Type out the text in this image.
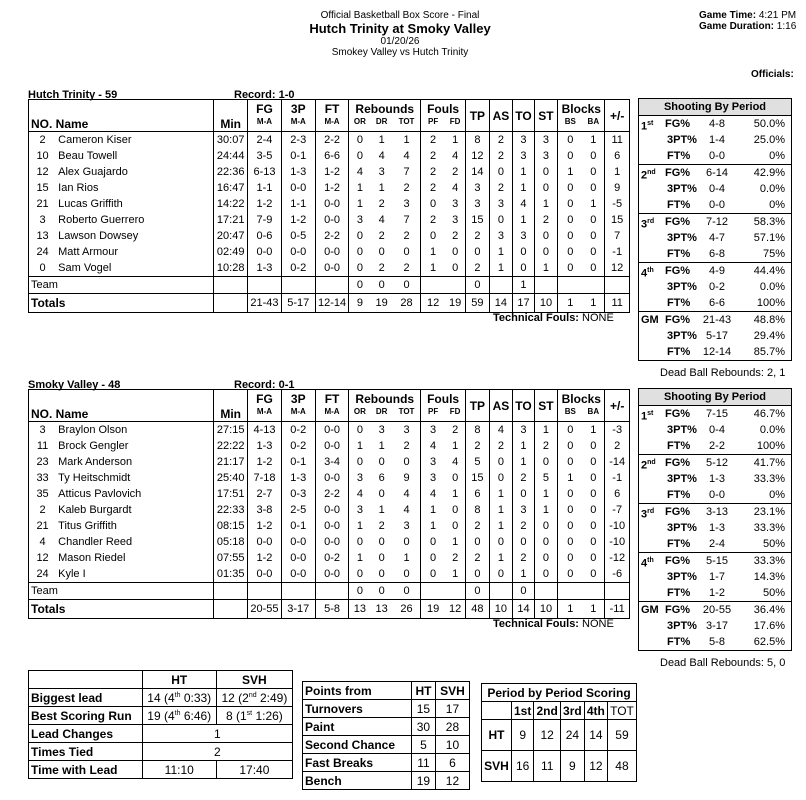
Official Basketball Box Score - Final
Hutch Trinity at Smoky Valley
01/20/26
Smokey Valley vs Hutch Trinity
Game Time: 4:21 PM
Game Duration: 1:16
Officials:
Hutch Trinity - 59	Record: 1-0
			FG	3P	FT	Rebounds			Fouls		TP	AS	TO	ST	Blocks		+/-
NO. Name		Min	M-A	M-A	M-A	OR	DR	TOT	PF	FD					BS	BA	
2	Cameron Kiser	30:07	2-4	2-3	2-2	0	1	1	2	1	8	2	3	3	0	1	11
10	Beau Towell	24:44	3-5	0-1	6-6	0	4	4	2	4	12	2	3	3	0	0	6
12	Alex Guajardo	22:36	6-13	1-3	1-2	4	3	7	2	2	14	0	1	0	1	0	1
15	Ian Rios	16:47	1-1	0-0	1-2	1	1	2	2	4	3	2	1	0	0	0	9
21	Lucas Griffith	14:22	1-2	1-1	0-0	1	2	3	0	3	3	3	4	1	0	1	-5
3	Roberto Guerrero	17:21	7-9	1-2	0-0	3	4	7	2	3	15	0	1	2	0	0	15
13	Lawson Dowsey	20:47	0-6	0-5	2-2	0	2	2	0	2	2	3	3	0	0	0	7
24	Matt Armour	02:49	0-0	0-0	0-0	0	0	0	1	0	0	1	0	0	0	0	-1
0	Sam Vogel	10:28	1-3	0-2	0-0	0	2	2	1	0	2	1	0	1	0	0	12
Team						0	0	0			0		1				
Totals			21-43	5-17	12-14	9	19	28	12	19	59	14	17	10	1	1	11
Technical Fouls: NONE
Shooting By Period
1st FG%	4-8	50.0%
3PT%	1-4	25.0%
FT%	0-0	0%
2nd FG%	6-14	42.9%
3PT%	0-4	0.0%
FT%	0-0	0%
3rd FG%	7-12	58.3%
3PT%	4-7	57.1%
FT%	6-8	75%
4th FG%	4-9	44.4%
3PT%	0-2	0.0%
FT%	6-6	100%
GM FG%	21-43	48.8%
3PT% 5-17	29.4%
FT%	12-14	85.7%
Dead Ball Rebounds: 2, 1
Smoky Valley - 48	Record: 0-1
			FG	3P	FT	Rebounds			Fouls		TP	AS	TO	ST	Blocks		+/-
NO. Name		Min	M-A	M-A	M-A	OR	DR	TOT	PF	FD					BS	BA	
3	Braylon Olson	27:15	4-13	0-2	0-0	0	3	3	3	2	8	4	3	1	0	1	-3
11	Brock Gengler	22:22	1-3	0-2	0-0	1	1	2	4	1	2	2	1	2	0	0	2
23	Mark Anderson	21:17	1-2	0-1	3-4	0	0	0	3	4	5	0	1	0	0	0	-14
33	Ty Heitschmidt	25:40	7-18	1-3	0-0	3	6	9	3	0	15	0	2	5	1	0	-1
35	Atticus Pavlovich	17:51	2-7	0-3	2-2	4	0	4	4	1	6	1	0	1	0	0	6
2	Kaleb Burgardt	22:33	3-8	2-5	0-0	3	1	4	1	0	8	1	3	1	0	0	-7
21	Titus Griffith	08:15	1-2	0-1	0-0	1	2	3	1	0	2	1	2	0	0	0	-10
4	Chandler Reed	05:18	0-0	0-0	0-0	0	0	0	0	1	0	0	0	0	0	0	-10
12	Mason Riedel	07:55	1-2	0-0	0-2	1	0	1	0	2	2	1	2	0	0	0	-12
24	Kyle I	01:35	0-0	0-0	0-0	0	0	0	0	1	0	0	1	0	0	0	-6
Team						0	0	0			0		0				
Totals			20-55	3-17	5-8	13	13	26	19	12	48	10	14	10	1	1	-11
Technical Fouls: NONE
Shooting By Period
1st FG%	7-15	46.7%
3PT%	0-4	0.0%
FT%	2-2	100%
2nd FG%	5-12	41.7%
3PT%	1-3	33.3%
FT%	0-0	0%
3rd FG%	3-13	23.1%
3PT%	1-3	33.3%
FT%	2-4	50%
4th FG%	5-15	33.3%
3PT%	1-7	14.3%
FT%	1-2	50%
GM FG%	20-55	36.4%
3PT% 3-17	17.6%
FT%	5-8	62.5%
Dead Ball Rebounds: 5, 0
	HT	SVH
Biggest lead	14 (4th 0:33)	12 (2nd 2:49)
Best Scoring Run	19 (4th 6:46)	8 (1st 1:26)
Lead Changes	1	
Times Tied	2	
Time with Lead	11:10	17:40
Points from	HT	SVH
Turnovers	15	17
Paint	30	28
Second Chance	5	10
Fast Breaks	11	6
Bench	19	12
Period by Period Scoring					
	1st	2nd	3rd	4th	TOT
HT	9	12	24	14	59
SVH	16	11	9	12	48
